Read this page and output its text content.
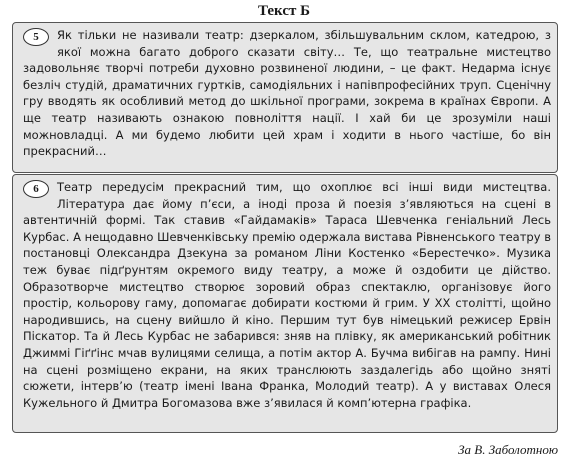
Текст Б
5	Як тільки не називали театр: дзеркалом, збільшувальним склом, катедрою, з якої можна багато доброго сказати світу… Те, що театральне мистецтво задовольняє творчі потреби духовно розвиненої людини, – це факт. Недарма існує безліч студій, драматичних гуртків, самодіяльних і напівпрофесійних труп. Сценічну гру вводять як особливий метод до шкільної програми, зокрема в країнах Європи. А ще театр називають ознакою повноліття нації. І хай би це зрозуміли наші можновладці. А ми будемо любити цей храм і ходити в нього частіше, бо він прекрасний…
6	Театр передусім прекрасний тим, що охоплює всі інші види мистецтва. Література дає йому п’єси, а іноді проза й поезія з’являються на сцені в автентичній формі. Так ставив «Гайдамаків» Тараса Шевченка геніальний Лесь Курбас. А нещодавно Шевченківську премію одержала вистава Рівненського театру в постановці Олександра Дзекуна за романом Ліни Костенко «Берестечко». Музика теж буває підґрунтям окремого виду театру, а може й оздобити це дійство. Образотворче мистецтво створює зоровий образ спектаклю, організовує його простір, кольорову гаму, допомагає добирати костюми й грим. У XX столітті, щойно народившись, на сцену вийшло й кіно. Першим тут був німецький режисер Ервін Піскатор. Та й Лесь Курбас не забарився: зняв на плівку, як американський робітник Джиммі Гіґґінс мчав вулицями селища, а потім актор А. Бучма вибігав на рампу. Нині на сцені розміщено екрани, на яких транслюють заздалегідь або щойно зняті сюжети, інтерв’ю (театр імені Івана Франка, Молодий театр). А у виставах Олеся Кужельного й Дмитра Богомазова вже з’явилася й комп’ютерна графіка.
За В. Заболотною
